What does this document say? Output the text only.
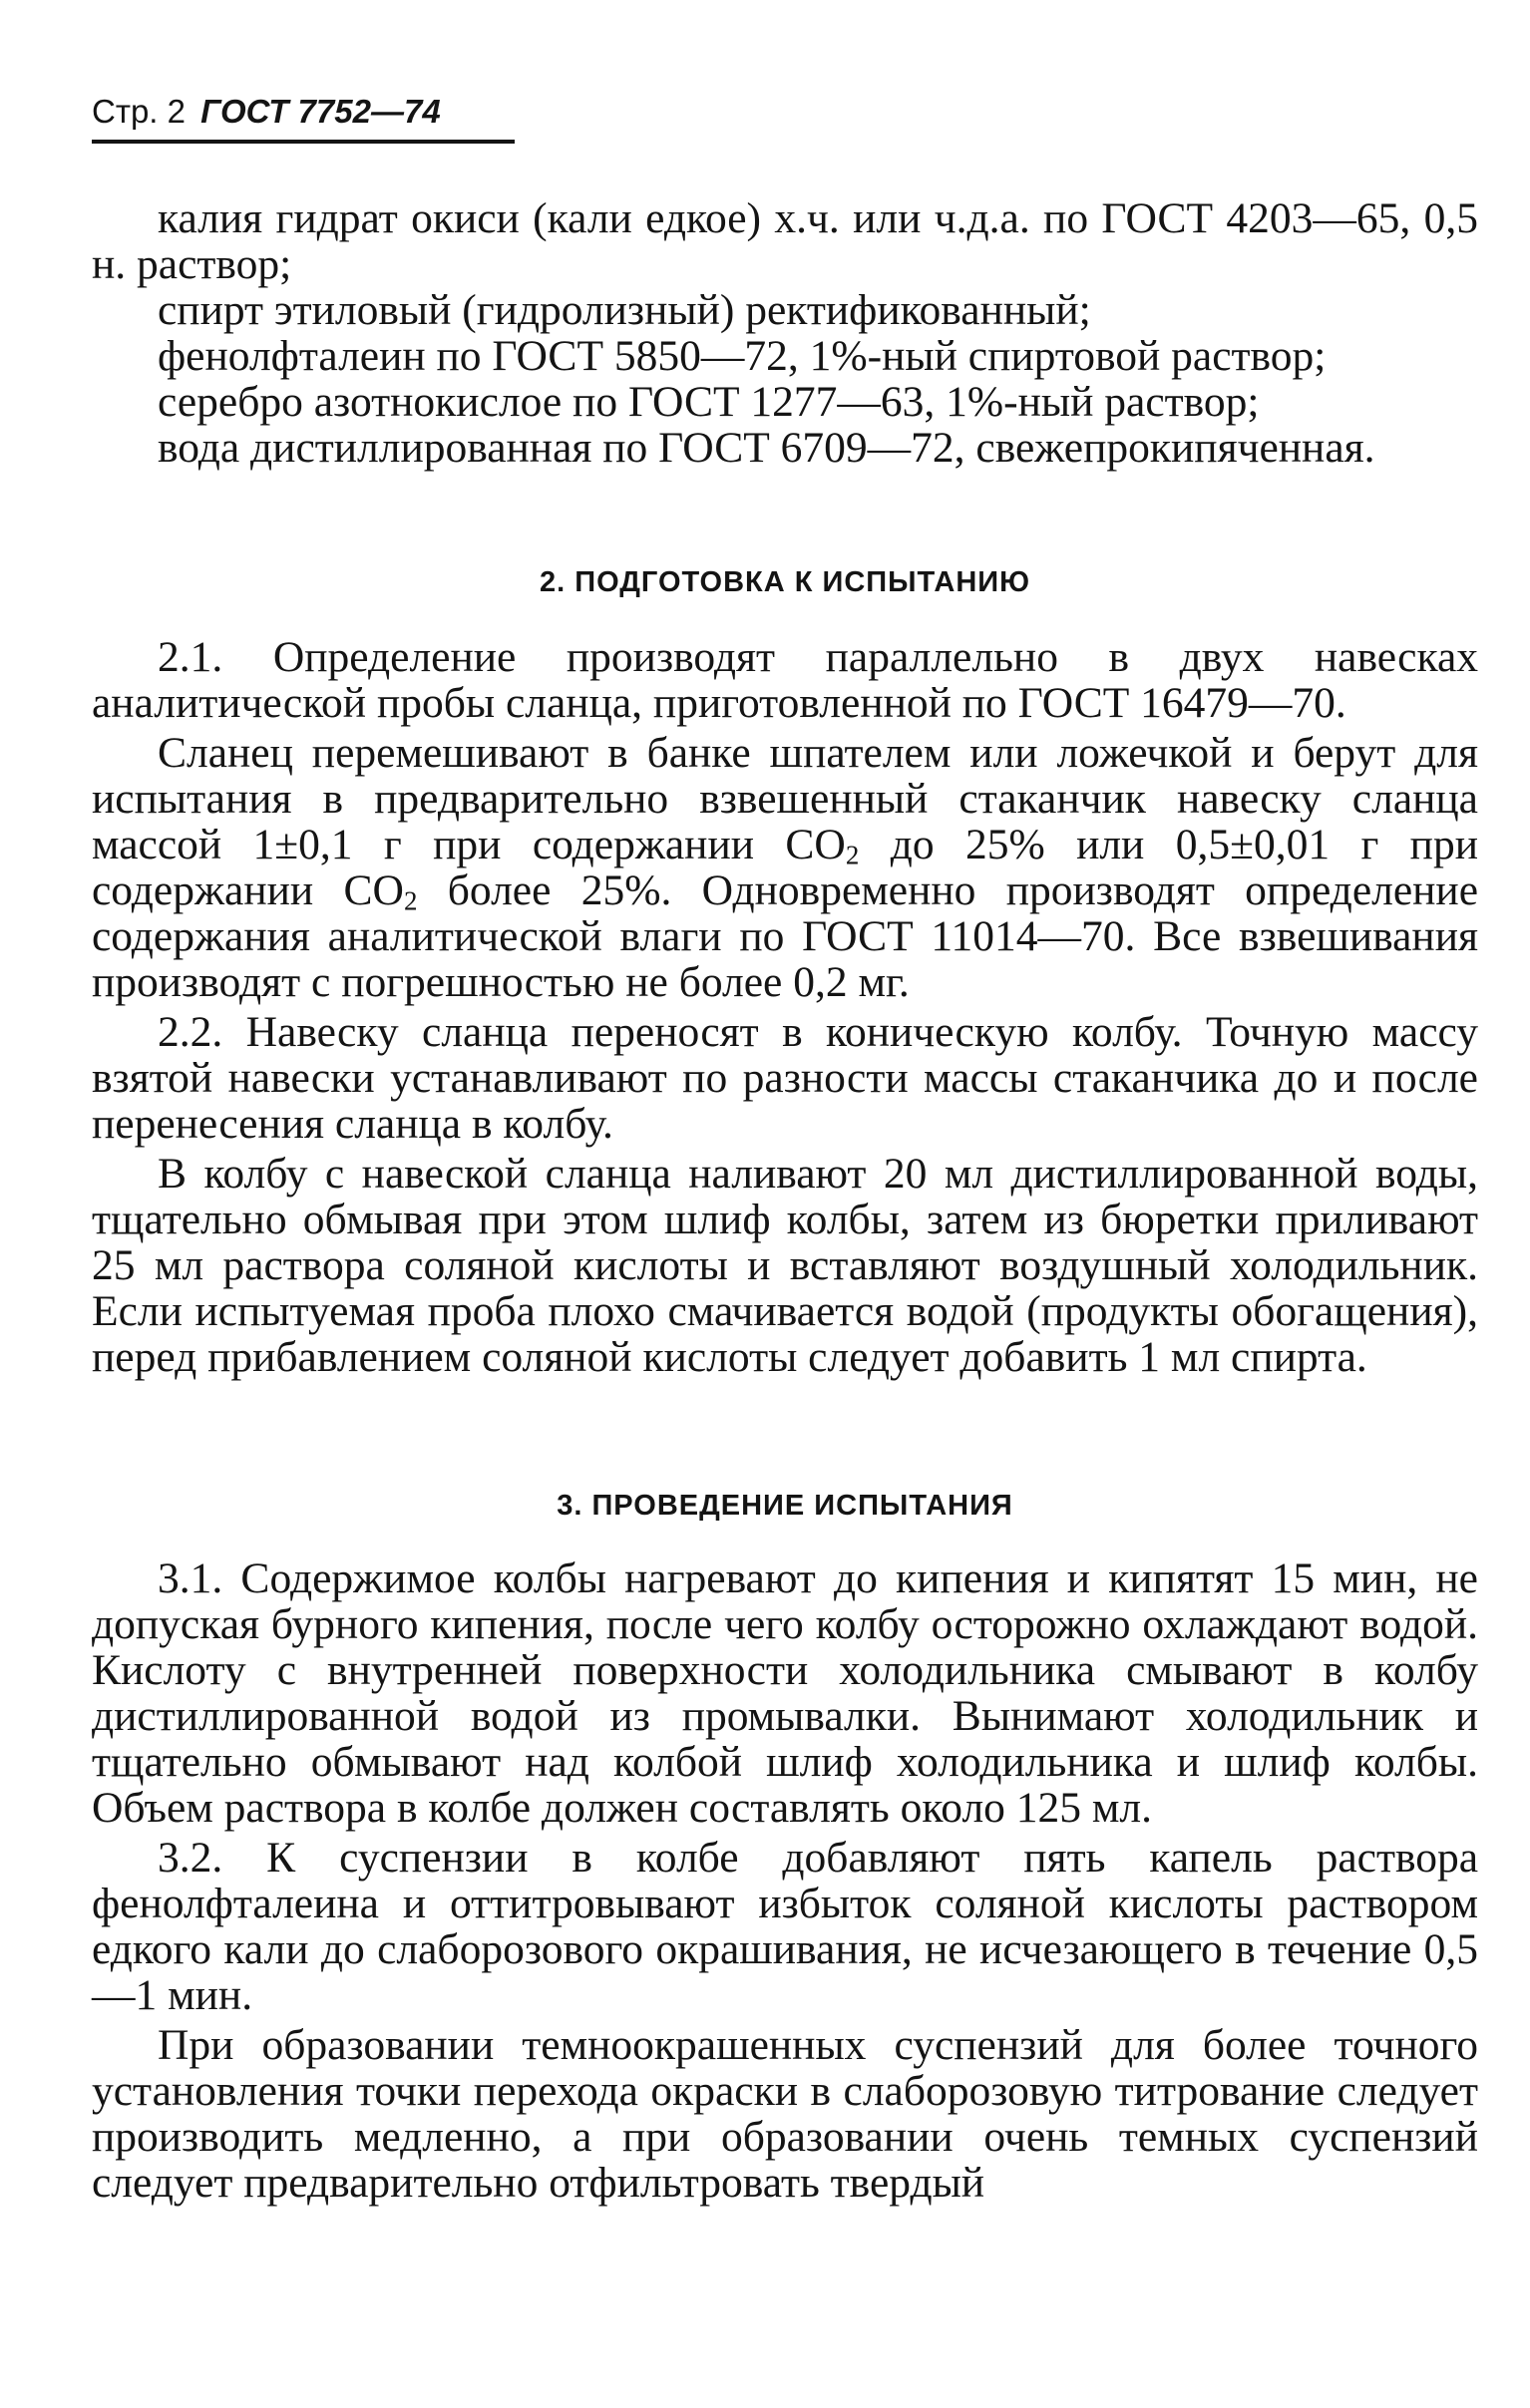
Стр. 2 ГОСТ 7752—74

калия гидрат окиси (кали едкое) х.ч. или ч.д.а. по ГОСТ 4203—65, 0,5 н. раствор;

спирт этиловый (гидролизный) ректификованный;

фенолфталеин по ГОСТ 5850—72, 1%-ный спиртовой раствор;

серебро азотнокислое по ГОСТ 1277—63, 1%-ный раствор;

вода дистиллированная по ГОСТ 6709—72, свежепрокипяченная.

2. ПОДГОТОВКА К ИСПЫТАНИЮ

2.1. Определение производят параллельно в двух навесках аналитической пробы сланца, приготовленной по ГОСТ 16479—70.

Сланец перемешивают в банке шпателем или ложечкой и берут для испытания в предварительно взвешенный стаканчик навеску сланца массой 1±0,1 г при содержании $CO_2$ до 25% или 0,5±0,01 г при содержании $CO_2$ более 25%. Одновременно производят определение содержания аналитической влаги по ГОСТ 11014—70. Все взвешивания производят с погрешностью не более 0,2 мг.

2.2. Навеску сланца переносят в коническую колбу. Точную массу взятой навески устанавливают по разности массы стаканчика до и после перенесения сланца в колбу.

В колбу с навеской сланца наливают 20 мл дистиллированной воды, тщательно обмывая при этом шлиф колбы, затем из бюретки приливают 25 мл раствора соляной кислоты и вставляют воздушный холодильник. Если испытуемая проба плохо смачивается водой (продукты обогащения), перед прибавлением соляной кислоты следует добавить 1 мл спирта.

3. ПРОВЕДЕНИЕ ИСПЫТАНИЯ

3.1. Содержимое колбы нагревают до кипения и кипятят 15 мин, не допуская бурного кипения, после чего колбу осторожно охлаждают водой. Кислоту с внутренней поверхности холодильника смывают в колбу дистиллированной водой из промывалки. Вынимают холодильник и тщательно обмывают над колбой шлиф холодильника и шлиф колбы. Объем раствора в колбе должен составлять около 125 мл.

3.2. К суспензии в колбе добавляют пять капель раствора фенолфталеина и оттитровывают избыток соляной кислоты раствором едкого кали до слаборозового окрашивания, не исчезающего в течение 0,5—1 мин.

При образовании темноокрашенных суспензий для более точного установления точки перехода окраски в слаборозовую титрование следует производить медленно, а при образовании очень темных суспензий следует предварительно отфильтровать твердый
